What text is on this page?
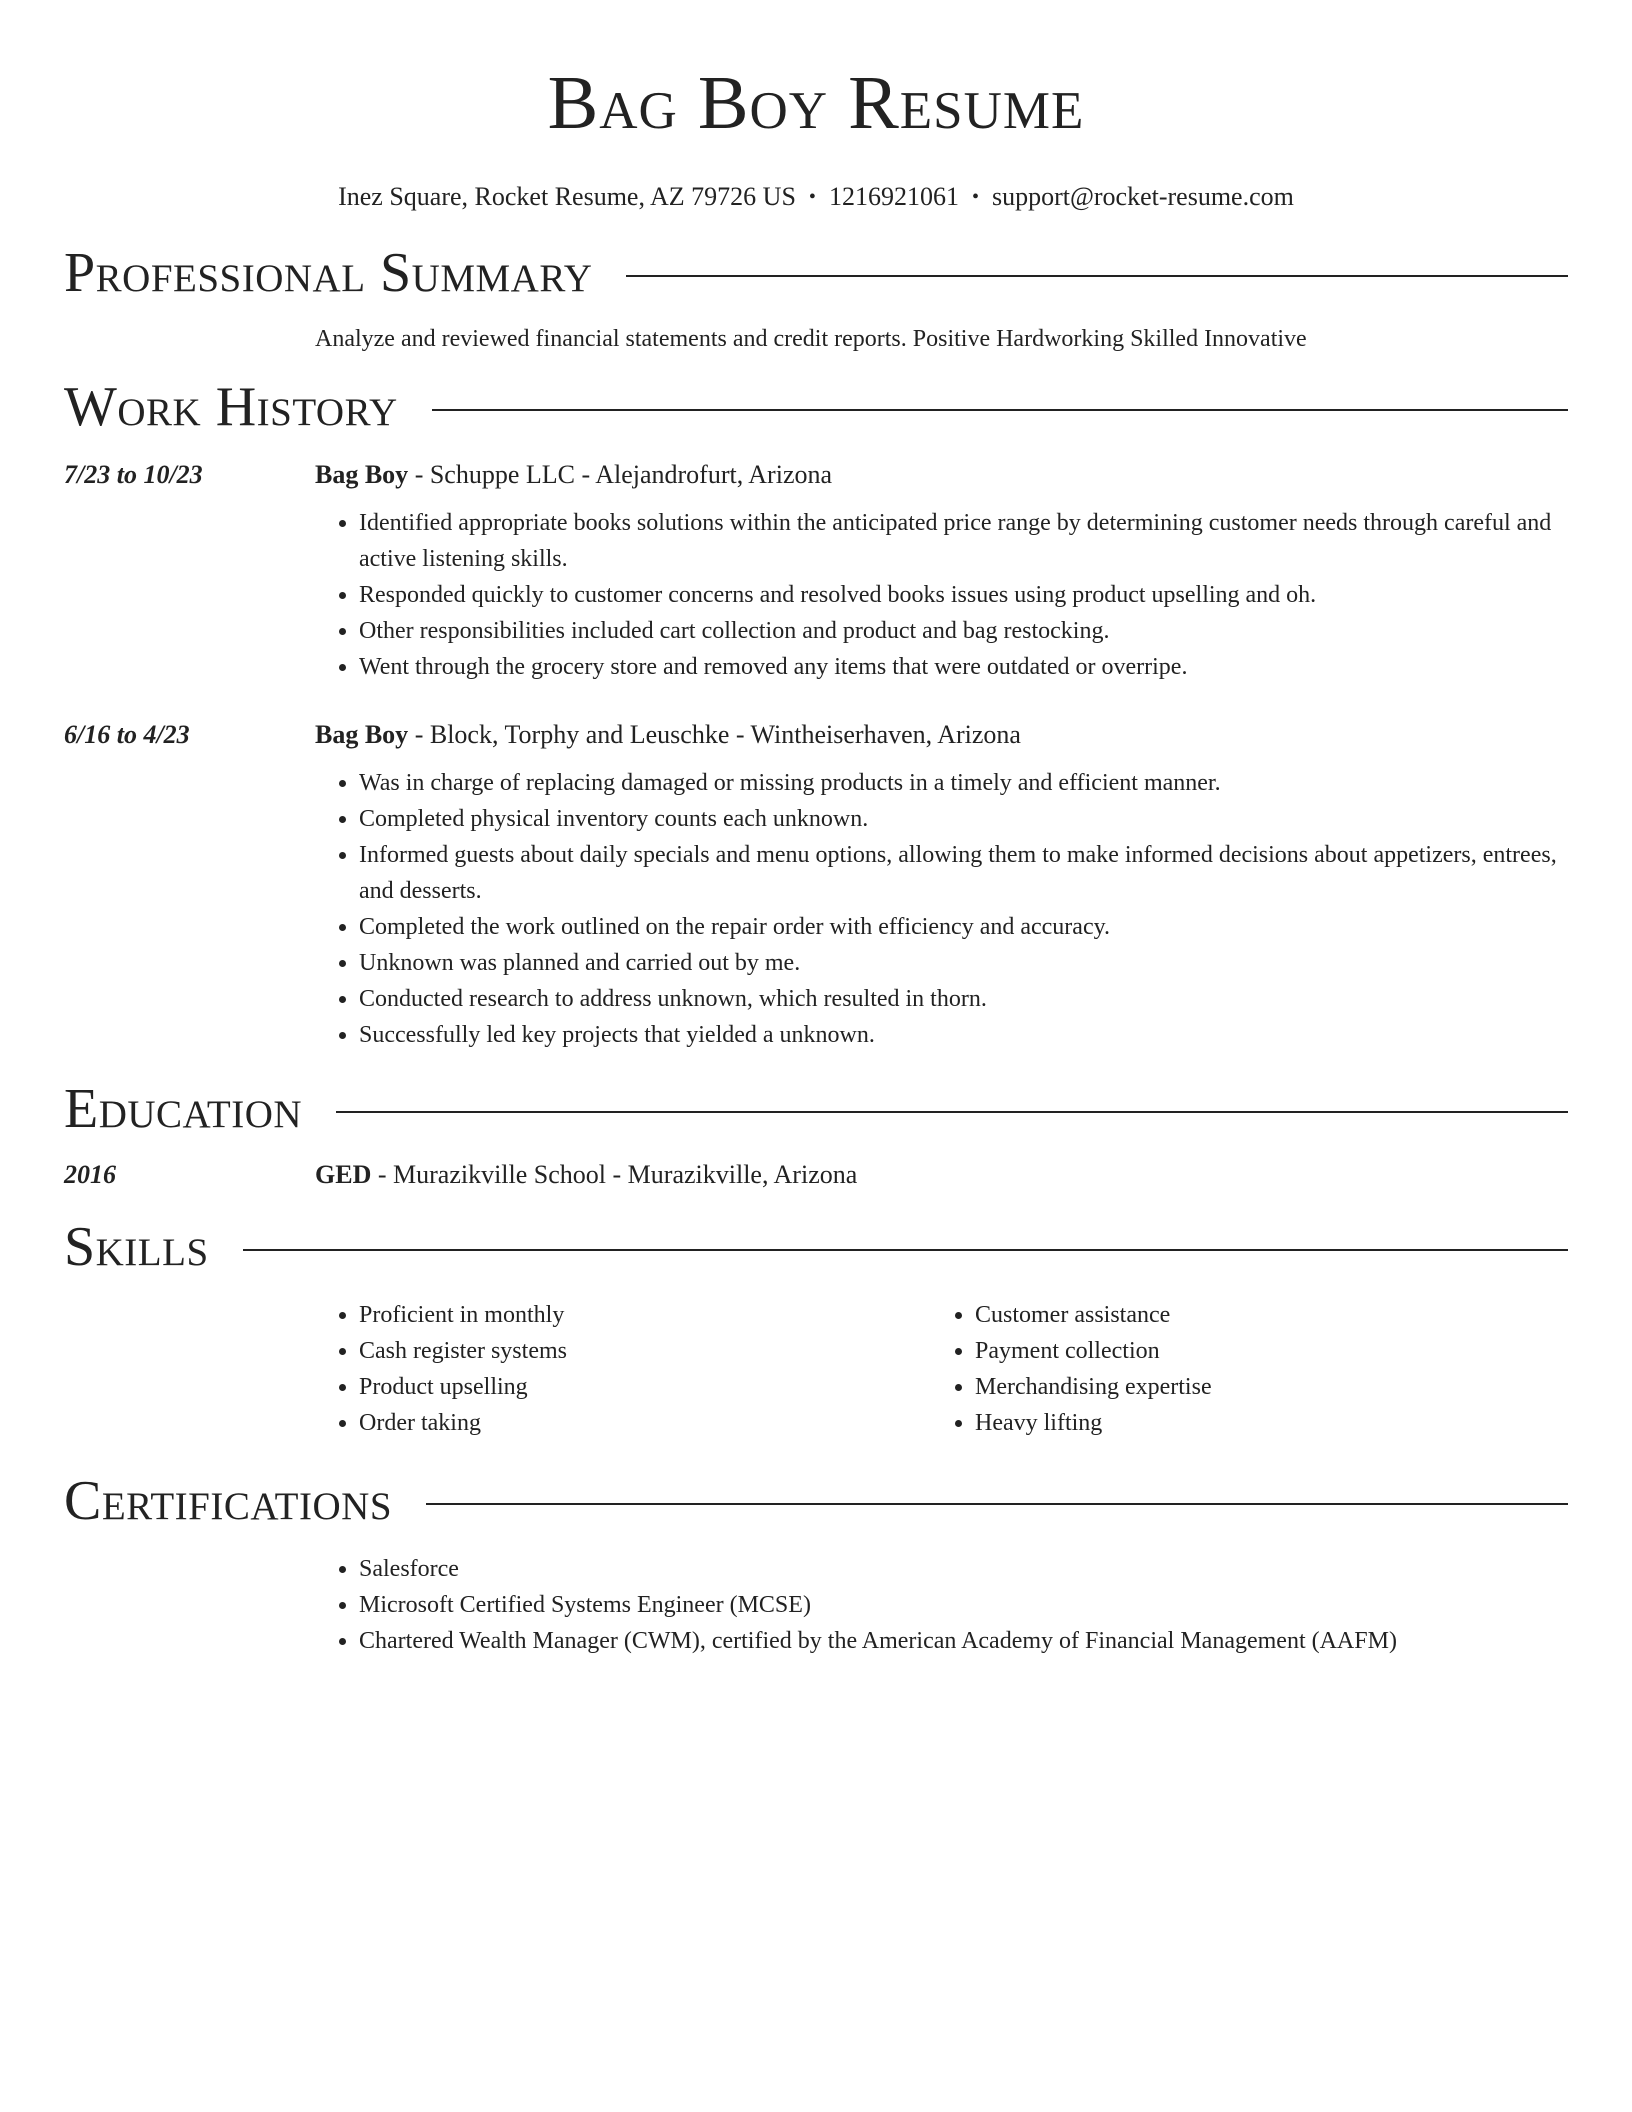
Bag Boy Resume
Inez Square, Rocket Resume, AZ 79726 US • 1216921061 • support@rocket-resume.com
Professional Summary
Analyze and reviewed financial statements and credit reports. Positive Hardworking Skilled Innovative
Work History
7/23 to 10/23	Bag Boy - Schuppe LLC - Alejandrofurt, Arizona
• Identified appropriate books solutions within the anticipated price range by determining customer needs through careful and active listening skills.
• Responded quickly to customer concerns and resolved books issues using product upselling and oh.
• Other responsibilities included cart collection and product and bag restocking.
• Went through the grocery store and removed any items that were outdated or overripe.
6/16 to 4/23	Bag Boy - Block, Torphy and Leuschke - Wintheiserhaven, Arizona
• Was in charge of replacing damaged or missing products in a timely and efficient manner.
• Completed physical inventory counts each unknown.
• Informed guests about daily specials and menu options, allowing them to make informed decisions about appetizers, entrees, and desserts.
• Completed the work outlined on the repair order with efficiency and accuracy.
• Unknown was planned and carried out by me.
• Conducted research to address unknown, which resulted in thorn.
• Successfully led key projects that yielded a unknown.
Education
2016	GED - Murazikville School - Murazikville, Arizona
Skills
• Proficient in monthly
• Cash register systems
• Product upselling
• Order taking
• Customer assistance
• Payment collection
• Merchandising expertise
• Heavy lifting
Certifications
• Salesforce
• Microsoft Certified Systems Engineer (MCSE)
• Chartered Wealth Manager (CWM), certified by the American Academy of Financial Management (AAFM)
